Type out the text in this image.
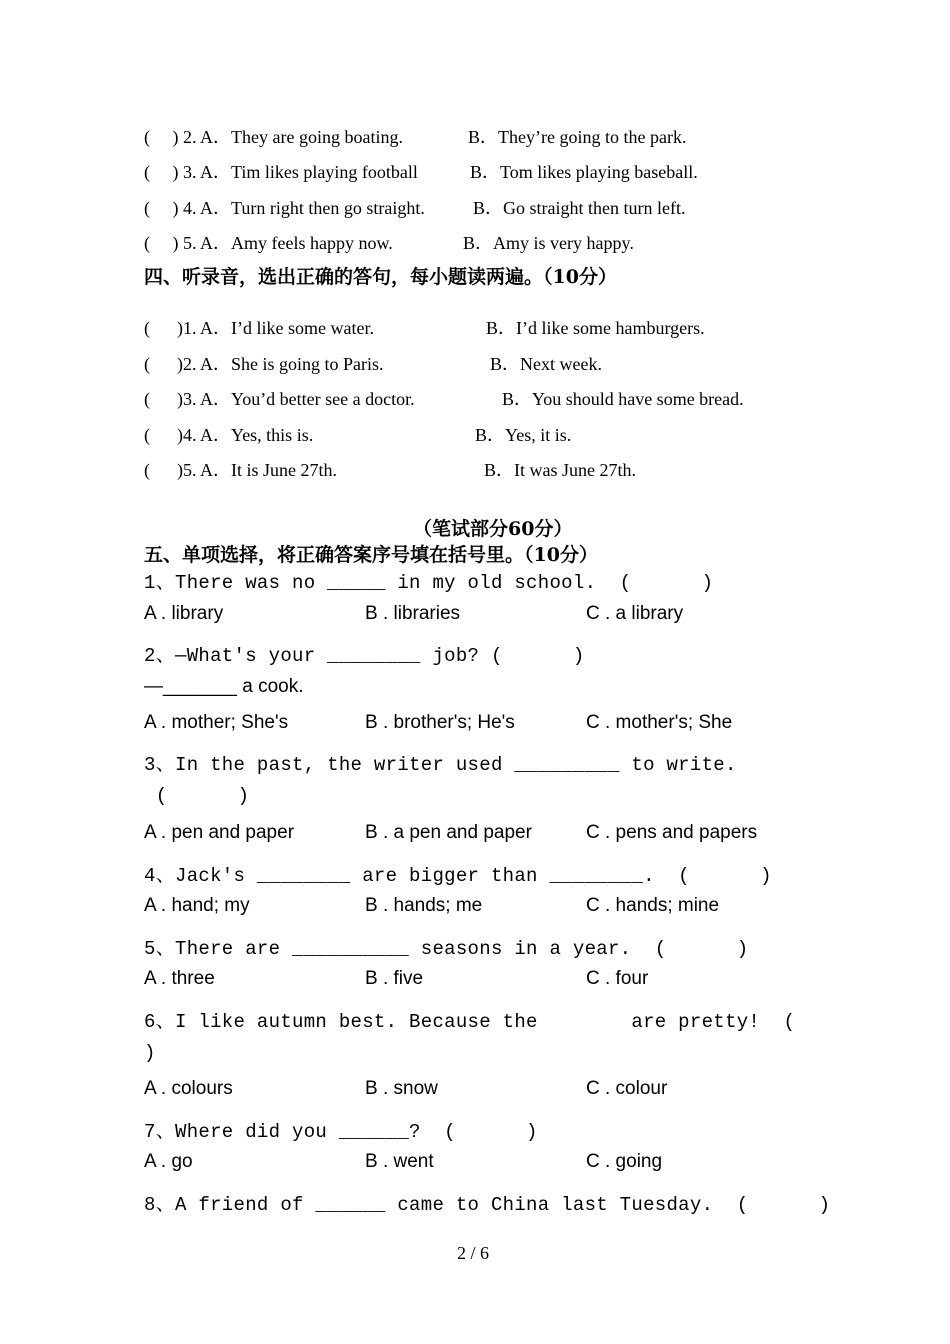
(     ) 2. A．They are going boating.	B．They’re going to the park.
(     ) 3. A．Tim likes playing football	B．Tom likes playing baseball.
(     ) 4. A．Turn right then go straight.	B．Go straight then turn left.
(     ) 5. A．Amy feels happy now.	B．Amy is very happy.
四、听录音，选出正确的答句，每小题读两遍。（10分）
(      )1. A．I’d like some water.	B．I’d like some hamburgers.
(      )2. A．She is going to Paris.	B．Next week.
(      )3. A．You’d better see a doctor.	B．You should have some bread.
(      )4. A．Yes, this is.	B．Yes, it is.
(      )5. A．It is June 27th.	B．It was June 27th.
（笔试部分60分）
五、单项选择，将正确答案序号填在括号里。（10分）
1、There was no _____ in my old school.  (      )
A . library	B . libraries	C . a library
2、—What's your ________ job? (      )
—_______ a cook.
A . mother; She's	B . brother's; He's	C . mother's; She
3、In the past, the writer used _________ to write.
(      )
A . pen and paper	B . a pen and paper	C . pens and papers
4、Jack's ________ are bigger than ________.  (      )
A . hand; my	B . hands; me	C . hands; mine
5、There are __________ seasons in a year.  (      )
A . three	B . five	C . four
6、I like autumn best. Because the        are pretty!  (
)
A . colours	B . snow	C . colour
7、Where did you ______?  (      )
A . go	B . went	C . going
8、A friend of ______ came to China last Tuesday.  (      )
2 / 6
